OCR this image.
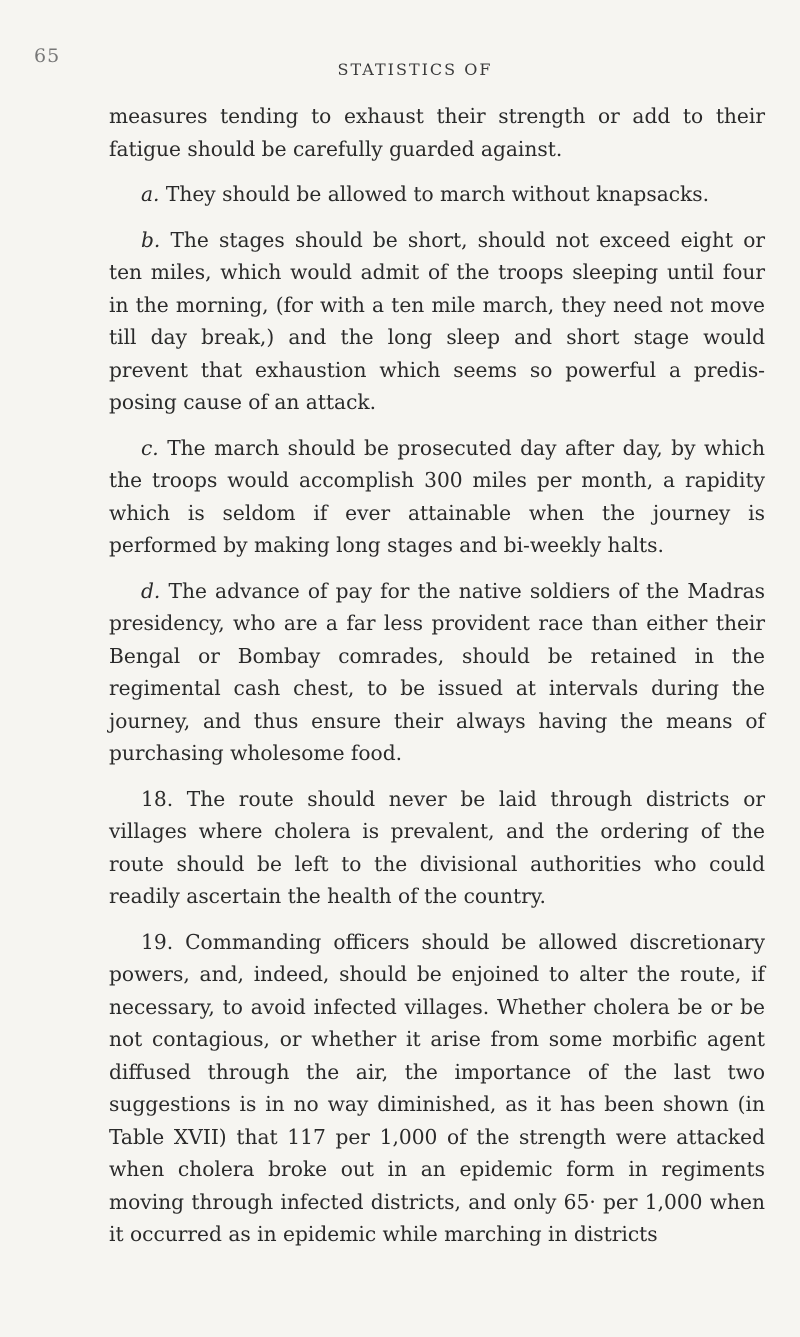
65
STATISTICS OF

measures tending to exhaust their strength or add to their fatigue should be carefully guarded against.

a. They should be allowed to march without knapsacks.

b. The stages should be short, should not exceed eight or ten miles, which would admit of the troops sleeping until four in the morning, (for with a ten mile march, they need not move till day break,) and the long sleep and short stage would prevent that exhaustion which seems so powerful a predis-posing cause of an attack.

c. The march should be prosecuted day after day, by which the troops would accomplish 300 miles per month, a rapidity which is seldom if ever attainable when the journey is performed by making long stages and bi-weekly halts.

d. The advance of pay for the native soldiers of the Madras presidency, who are a far less provident race than either their Bengal or Bombay comrades, should be retained in the regimental cash chest, to be issued at intervals during the journey, and thus ensure their always having the means of purchasing wholesome food.

18. The route should never be laid through districts or villages where cholera is prevalent, and the ordering of the route should be left to the divisional authorities who could readily ascertain the health of the country.

19. Commanding officers should be allowed discretionary powers, and, indeed, should be enjoined to alter the route, if necessary, to avoid infected villages. Whether cholera be or be not contagious, or whether it arise from some morbific agent diffused through the air, the importance of the last two suggestions is in no way diminished, as it has been shown (in Table XVII) that 117 per 1,000 of the strength were attacked when cholera broke out in an epidemic form in regiments moving through infected districts, and only 65· per 1,000 when it occurred as in epidemic while marching in districts
